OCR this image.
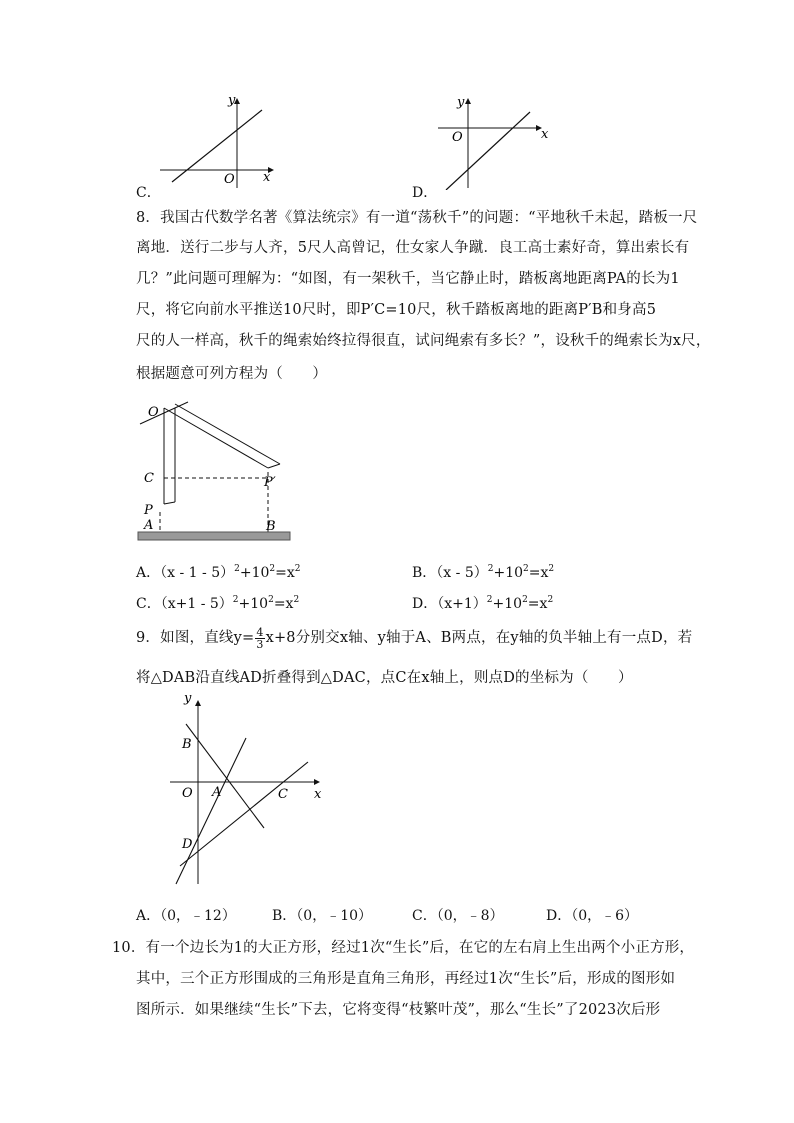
C．
y
x
O
D．
y
x
O
8．我国古代数学名著《算法统宗》有一道“荡秋千”的问题：“平地秋千未起，踏板一尺
离地．送行二步与人齐，5尺人高曾记，仕女家人争蹴．良工高士素好奇，算出索长有
几？”此问题可理解为：“如图，有一架秋千，当它静止时，踏板离地距离PA的长为1
尺，将它向前水平推送10尺时，即P′C=10尺，秋千踏板离地的距离P′B和身高5
尺的人一样高，秋千的绳索始终拉得很直，试问绳索有多长？”，设秋千的绳索长为x尺，
根据题意可列方程为（　　）
O
C
P
A	B
P′
A．$(x - 1 - 5)^2+10^2=x^2$	B．$(x - 5)^2+10^2=x^2$
C．$(x+1 - 5)^2+10^2=x^2$	D．$(x+1)^2+10^2=x^2$
9．如图，直线$y= \frac{4}{3} x+8$分别交x轴、y轴于A、B两点，在y轴的负半轴上有一点D，若
将△DAB沿直线AD折叠得到△DAC，点C在x轴上，则点D的坐标为（　　）
y
B
O A	C x
D
A．（0，﹣12）	B．（0，﹣10）	C．（0，﹣8）	D．（0，﹣6）
10．有一个边长为1的大正方形，经过1次“生长”后，在它的左右肩上生出两个小正方形，
其中，三个正方形围成的三角形是直角三角形，再经过1次“生长”后，形成的图形如
图所示．如果继续“生长”下去，它将变得“枝繁叶茂”，那么“生长”了2023次后形
